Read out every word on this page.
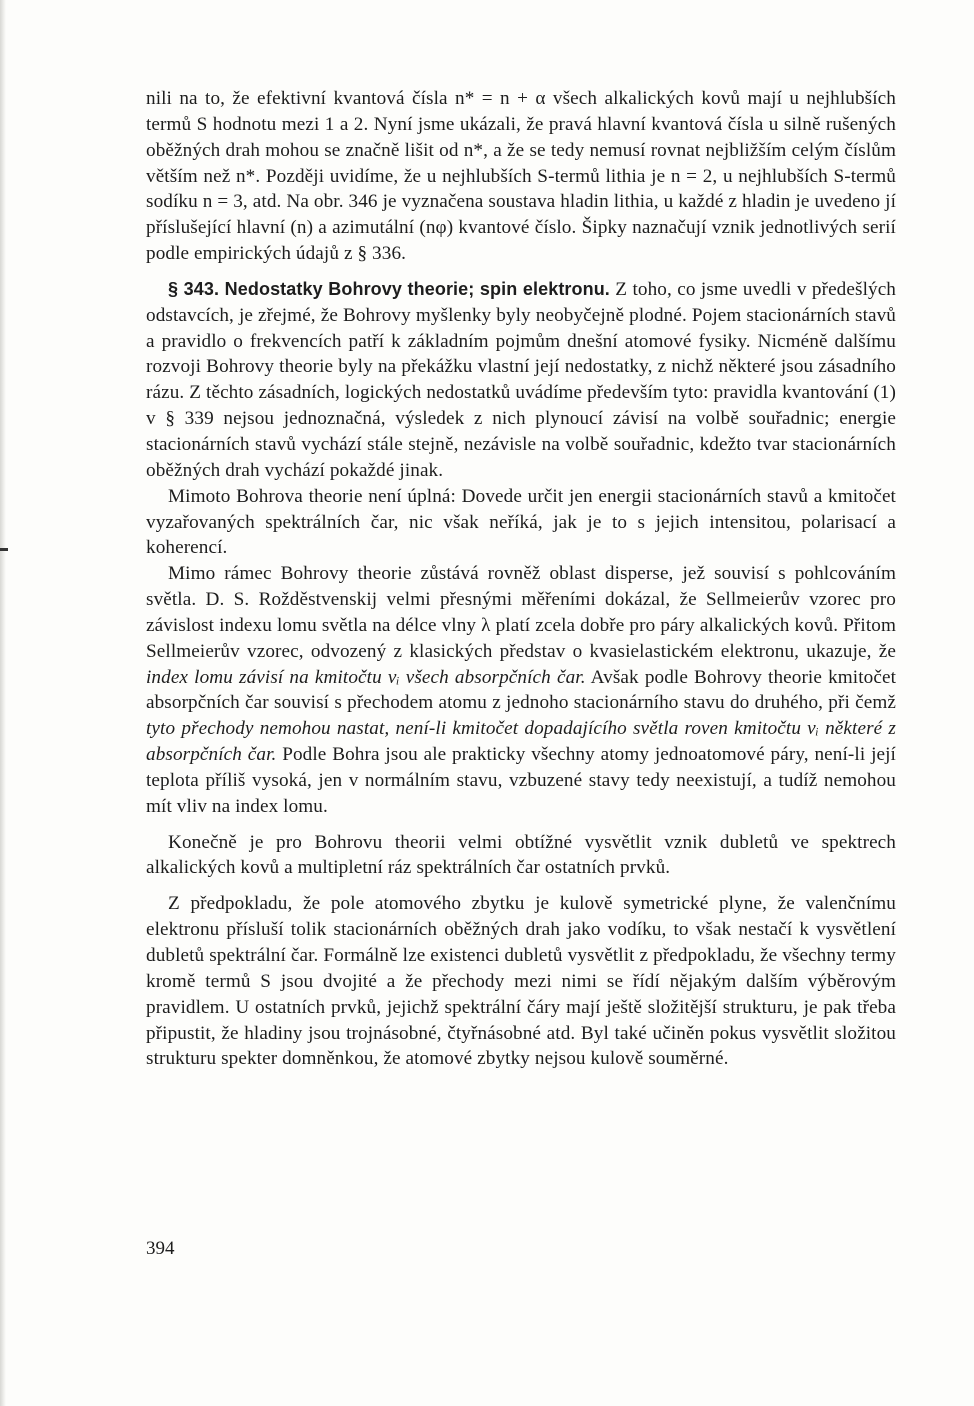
nili na to, že efektivní kvantová čísla n* = n + α všech alkalických kovů mají u nejhlubších termů S hodnotu mezi 1 a 2. Nyní jsme ukázali, že pravá hlavní kvantová čísla u silně rušených oběžných drah mohou se značně lišit od n*, a že se tedy nemusí rovnat nejbližším celým číslům větším než n*. Později uvidíme, že u nejhlubších S-termů lithia je n = 2, u nejhlubších S-termů sodíku n = 3, atd. Na obr. 346 je vyznačena soustava hladin lithia, u každé z hladin je uvedeno jí příslušející hlavní (n) a azimutální (nφ) kvantové číslo. Šipky naznačují vznik jednotlivých serií podle empirických údajů z § 336.

§ 343. Nedostatky Bohrovy theorie; spin elektronu. Z toho, co jsme uvedli v předešlých odstavcích, je zřejmé, že Bohrovy myšlenky byly neobyčejně plodné. Pojem stacionárních stavů a pravidlo o frekvencích patří k základním pojmům dnešní atomové fysiky. Nicméně dalšímu rozvoji Bohrovy theorie byly na překážku vlastní její nedostatky, z nichž některé jsou zásadního rázu. Z těchto zásadních, logických nedostatků uvádíme především tyto: pravidla kvantování (1) v § 339 nejsou jednoznačná, výsledek z nich plynoucí závisí na volbě souřadnic; energie stacionárních stavů vychází stále stejně, nezávisle na volbě souřadnic, kdežto tvar stacionárních oběžných drah vychází pokaždé jinak.

Mimoto Bohrova theorie není úplná: Dovede určit jen energii stacionárních stavů a kmitočet vyzařovaných spektrálních čar, nic však neříká, jak je to s jejich intensitou, polarisací a koherencí.

Mimo rámec Bohrovy theorie zůstává rovněž oblast disperse, jež souvisí s pohlcováním světla. D. S. Rožděstvenskij velmi přesnými měřeními dokázal, že Sellmeierův vzorec pro závislost indexu lomu světla na délce vlny λ platí zcela dobře pro páry alkalických kovů. Přitom Sellmeierův vzorec, odvozený z klasických představ o kvasielastickém elektronu, ukazuje, že index lomu závisí na kmitočtu νᵢ všech absorpčních čar. Avšak podle Bohrovy theorie kmitočet absorpčních čar souvisí s přechodem atomu z jednoho stacionárního stavu do druhého, při čemž tyto přechody nemohou nastat, není-li kmitočet dopadajícího světla roven kmitočtu νᵢ některé z absorpčních čar. Podle Bohra jsou ale prakticky všechny atomy jednoatomové páry, není-li její teplota příliš vysoká, jen v normálním stavu, vzbuzené stavy tedy neexistují, a tudíž nemohou mít vliv na index lomu.

Konečně je pro Bohrovu theorii velmi obtížné vysvětlit vznik dubletů ve spektrech alkalických kovů a multipletní ráz spektrálních čar ostatních prvků.

Z předpokladu, že pole atomového zbytku je kulově symetrické plyne, že valenčnímu elektronu přísluší tolik stacionárních oběžných drah jako vodíku, to však nestačí k vysvětlení dubletů spektrální čar. Formálně lze existenci dubletů vysvětlit z předpokladu, že všechny termy kromě termů S jsou dvojité a že přechody mezi nimi se řídí nějakým dalším výběrovým pravidlem. U ostatních prvků, jejichž spektrální čáry mají ještě složitější strukturu, je pak třeba připustit, že hladiny jsou trojnásobné, čtyřnásobné atd. Byl také učiněn pokus vysvětlit složitou strukturu spekter domněnkou, že atomové zbytky nejsou kulově souměrné.

394
